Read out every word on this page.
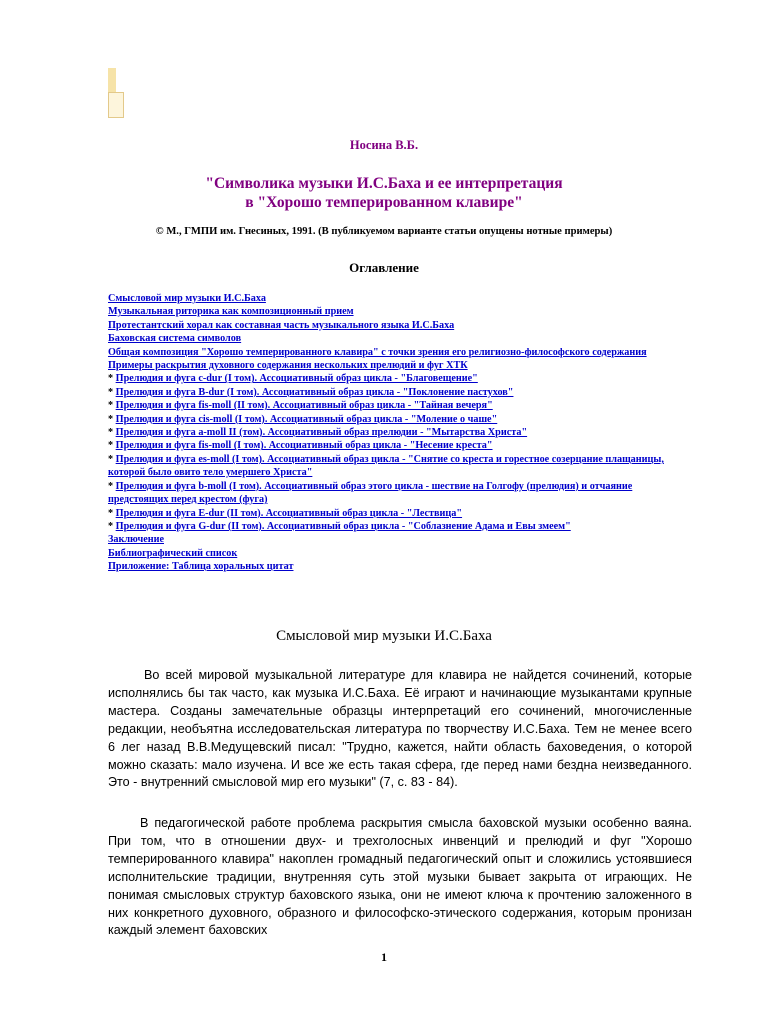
Носина В.Б.
"Символика музыки И.С.Баха и ее интерпретация
в "Хорошо темперированном клавире"
© М., ГМПИ им. Гнесиных, 1991. (В публикуемом варианте статьи опущены нотные примеры)
Оглавление
Смысловой мир музыки И.С.Баха
Музыкальная риторика как композиционный прием
Протестантский хорал как составная часть музыкального языка И.С.Баха
Баховская система символов
Общая композиция "Хорошо темперированного клавира" с точки зрения его религиозно-философского содержания
Примеры раскрытия духовного содержания нескольких прелюдий и фуг ХТК
* Прелюдия и фуга c-dur (I том). Ассоциативный образ цикла - "Благовещение"
* Прелюдия и фуга B-dur (I том). Ассоциативный образ цикла - "Поклонение пастухов"
* Прелюдия и фуга fis-moll (II том). Ассоциативный образ цикла - "Тайная вечеря"
* Прелюдия и фуга cis-moll (I том). Ассоциативный образ цикла - "Моление о чаше"
* Прелюдия и фуга a-moll II (том). Ассоциативный образ прелюдии - "Мытарства Христа"
* Прелюдия и фуга fis-moll (I том). Ассоциативный образ цикла - "Несение креста"
* Прелюдия и фуга es-moll (I том). Ассоциативный образ цикла - "Снятие со креста и горестное созерцание плащаницы, которой было овито тело умершего Христа"
* Прелюдия и фуга b-moll (I том). Ассоциативный образ этого цикла - шествие на Голгофу (прелюдия) и отчаяние предстоящих перед крестом (фуга)
* Прелюдия и фуга E-dur (II том). Ассоциативный образ цикла - "Лествица"
* Прелюдия и фуга G-dur (II том). Ассоциативный образ цикла - "Соблазнение Адама и Евы змеем"
Заключение
Библиографический список
Приложение: Таблица хоральных цитат
Смысловой мир музыки И.С.Баха

Во всей мировой музыкальной литературе для клавира не найдется сочинений, которые исполнялись бы так часто, как музыка И.С.Баха. Её играют и начинающие музыкантами крупные мастера. Созданы замечательные образцы интерпретаций его сочинений, многочисленные редакции, необъятна исследовательская литература по творчеству И.С.Баха. Тем не менее всего 6 лег назад В.В.Медущевский писал: "Трудно, кажется, найти область баховедения, о которой можно сказать: мало изучена. И все же есть такая сфера, где перед нами бездна неизведанного. Это - внутренний смысловой мир его музыки" (7, с. 83 - 84).

В педагогической работе проблема раскрытия смысла баховской музыки особенно ваяна. При том, что в отношении двух- и трехголосных инвенций и прелюдий и фуг "Хорошо темперированного клавира" накоплен громадный педагогический опыт и сложились устоявшиеся исполнительские традиции, внутренняя суть этой музыки бывает закрыта от играющих. Не понимая смысловых структур баховского языка, они не имеют ключа к прочтению заложенного в них конкретного духовного, образного и философско-этического содержания, которым пронизан каждый элемент баховских

1
